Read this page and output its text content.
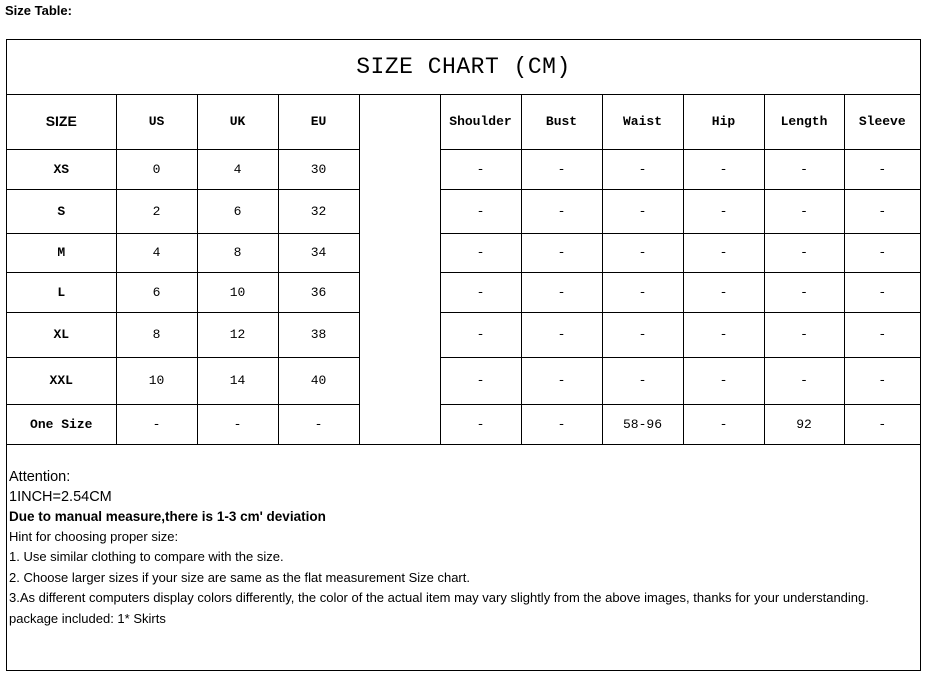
Size Table:
SIZE CHART (CM)
SIZE	US	UK	EU		Shoulder	Bust	Waist	Hip	Length	Sleeve
XS	0	4	30		-	-	-	-	-	-
S	2	6	32		-	-	-	-	-	-
M	4	8	34		-	-	-	-	-	-
L	6	10	36		-	-	-	-	-	-
XL	8	12	38		-	-	-	-	-	-
XXL	10	14	40		-	-	-	-	-	-
One Size	-	-	-		-	-	58-96	-	92	-
Attention:
1INCH=2.54CM
Due to manual measure,there is 1-3 cm' deviation
Hint for choosing proper size:
1. Use similar clothing to compare with the size.
2. Choose larger sizes if your size are same as the flat measurement Size chart.
3.As different computers display colors differently, the color of the actual item may vary slightly from the above images, thanks for your understanding.
package included: 1* Skirts
